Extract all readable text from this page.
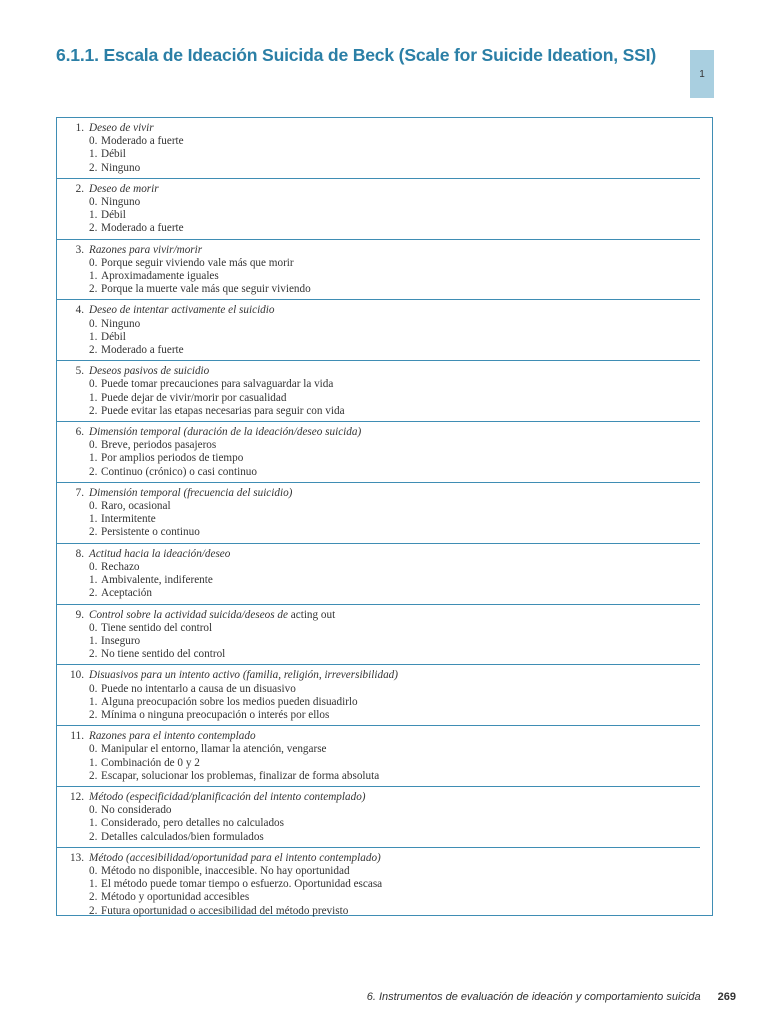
6.1.1. Escala de Ideación Suicida de Beck (Scale for Suicide Ideation, SSI)
1
1. Deseo de vivir
0. Moderado a fuerte
1. Débil
2. Ninguno
2. Deseo de morir
0. Ninguno
1. Débil
2. Moderado a fuerte
3. Razones para vivir/morir
0. Porque seguir viviendo vale más que morir
1. Aproximadamente iguales
2. Porque la muerte vale más que seguir viviendo
4. Deseo de intentar activamente el suicidio
0. Ninguno
1. Débil
2. Moderado a fuerte
5. Deseos pasivos de suicidio
0. Puede tomar precauciones para salvaguardar la vida
1. Puede dejar de vivir/morir por casualidad
2. Puede evitar las etapas necesarias para seguir con vida
6. Dimensión temporal (duración de la ideación/deseo suicida)
0. Breve, periodos pasajeros
1. Por amplios periodos de tiempo
2. Continuo (crónico) o casi continuo
7. Dimensión temporal (frecuencia del suicidio)
0. Raro, ocasional
1. Intermitente
2. Persistente o continuo
8. Actitud hacia la ideación/deseo
0. Rechazo
1. Ambivalente, indiferente
2. Aceptación
9. Control sobre la actividad suicida/deseos de acting out
0. Tiene sentido del control
1. Inseguro
2. No tiene sentido del control
10. Disuasivos para un intento activo (familia, religión, irreversibilidad)
0. Puede no intentarlo a causa de un disuasivo
1. Alguna preocupación sobre los medios pueden disuadirlo
2. Mínima o ninguna preocupación o interés por ellos
11. Razones para el intento contemplado
0. Manipular el entorno, llamar la atención, vengarse
1. Combinación de 0 y 2
2. Escapar, solucionar los problemas, finalizar de forma absoluta
12. Método (especificidad/planificación del intento contemplado)
0. No considerado
1. Considerado, pero detalles no calculados
2. Detalles calculados/bien formulados
13. Método (accesibilidad/oportunidad para el intento contemplado)
0. Método no disponible, inaccesible. No hay oportunidad
1. El método puede tomar tiempo o esfuerzo. Oportunidad escasa
2. Método y oportunidad accesibles
2. Futura oportunidad o accesibilidad del método previsto
6. Instrumentos de evaluación de ideación y comportamiento suicida 269
